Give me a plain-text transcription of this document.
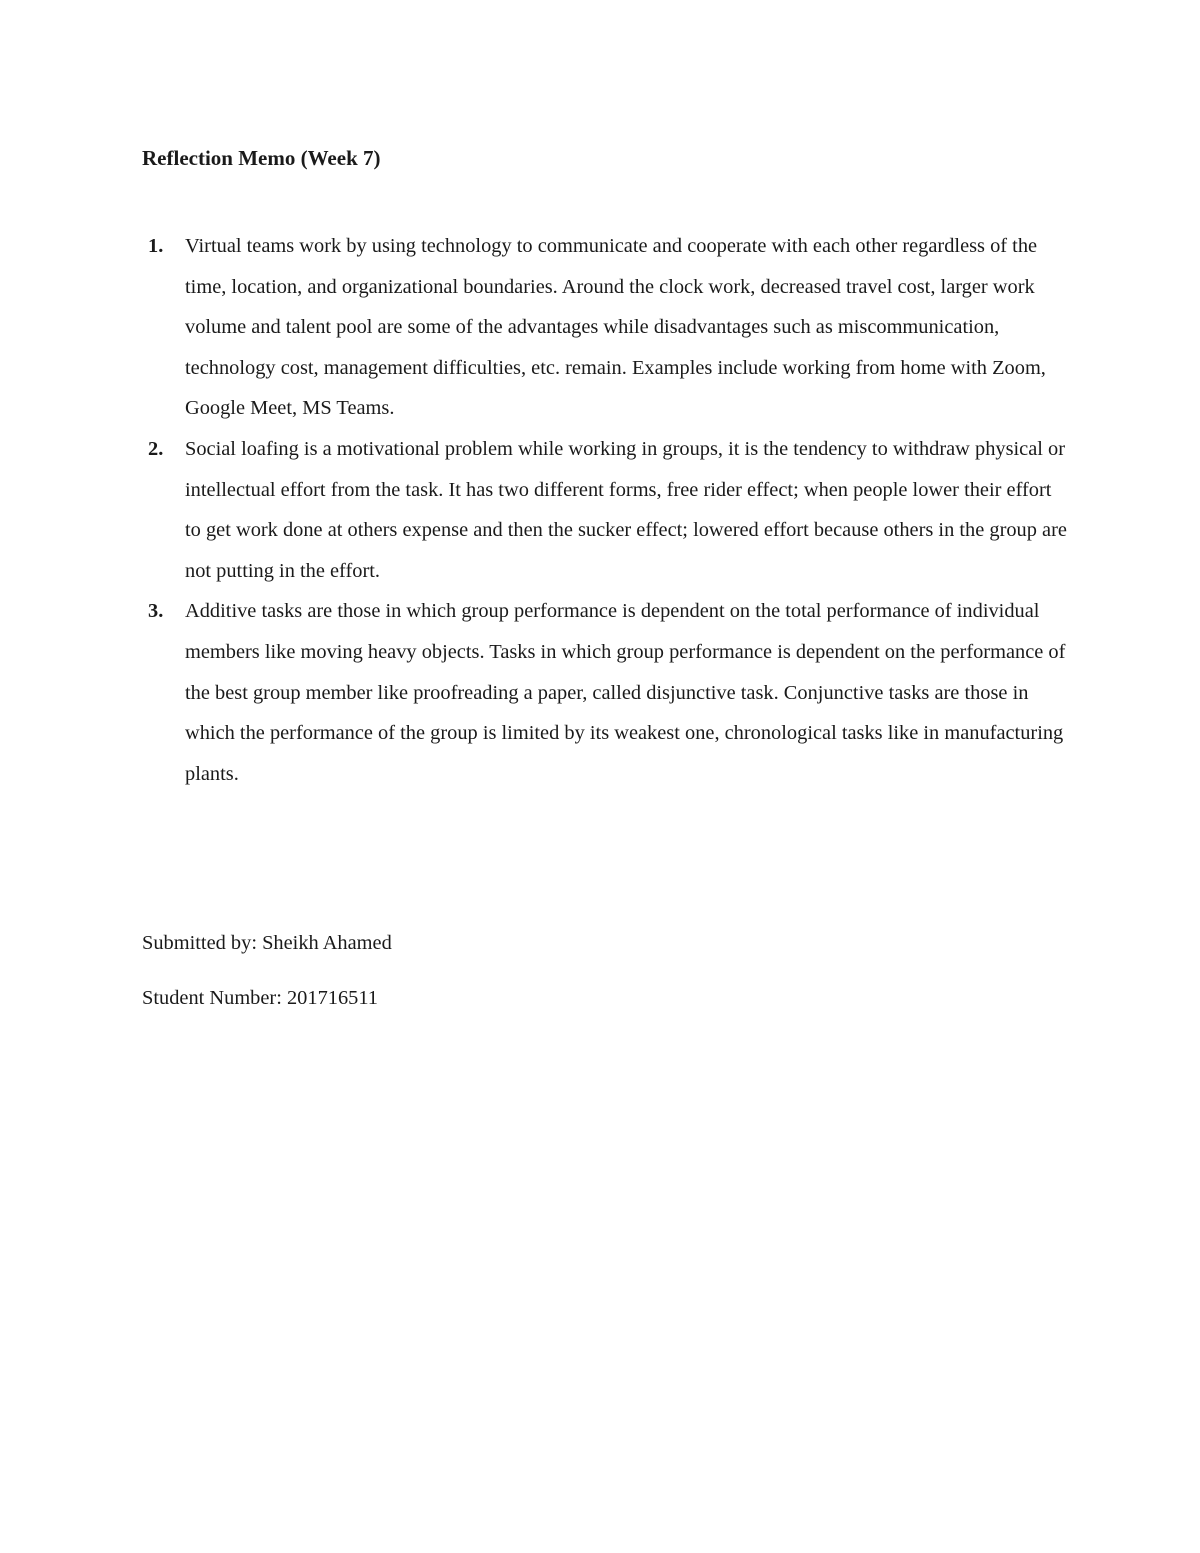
Reflection Memo (Week 7)
1. Virtual teams work by using technology to communicate and cooperate with each other regardless of the time, location, and organizational boundaries. Around the clock work, decreased travel cost, larger work volume and talent pool are some of the advantages while disadvantages such as miscommunication, technology cost, management difficulties, etc. remain. Examples include working from home with Zoom, Google Meet, MS Teams.
2. Social loafing is a motivational problem while working in groups, it is the tendency to withdraw physical or intellectual effort from the task. It has two different forms, free rider effect; when people lower their effort to get work done at others expense and then the sucker effect; lowered effort because others in the group are not putting in the effort.
3. Additive tasks are those in which group performance is dependent on the total performance of individual members like moving heavy objects. Tasks in which group performance is dependent on the performance of the best group member like proofreading a paper, called disjunctive task. Conjunctive tasks are those in which the performance of the group is limited by its weakest one, chronological tasks like in manufacturing plants.

Submitted by: Sheikh Ahamed

Student Number: 201716511
